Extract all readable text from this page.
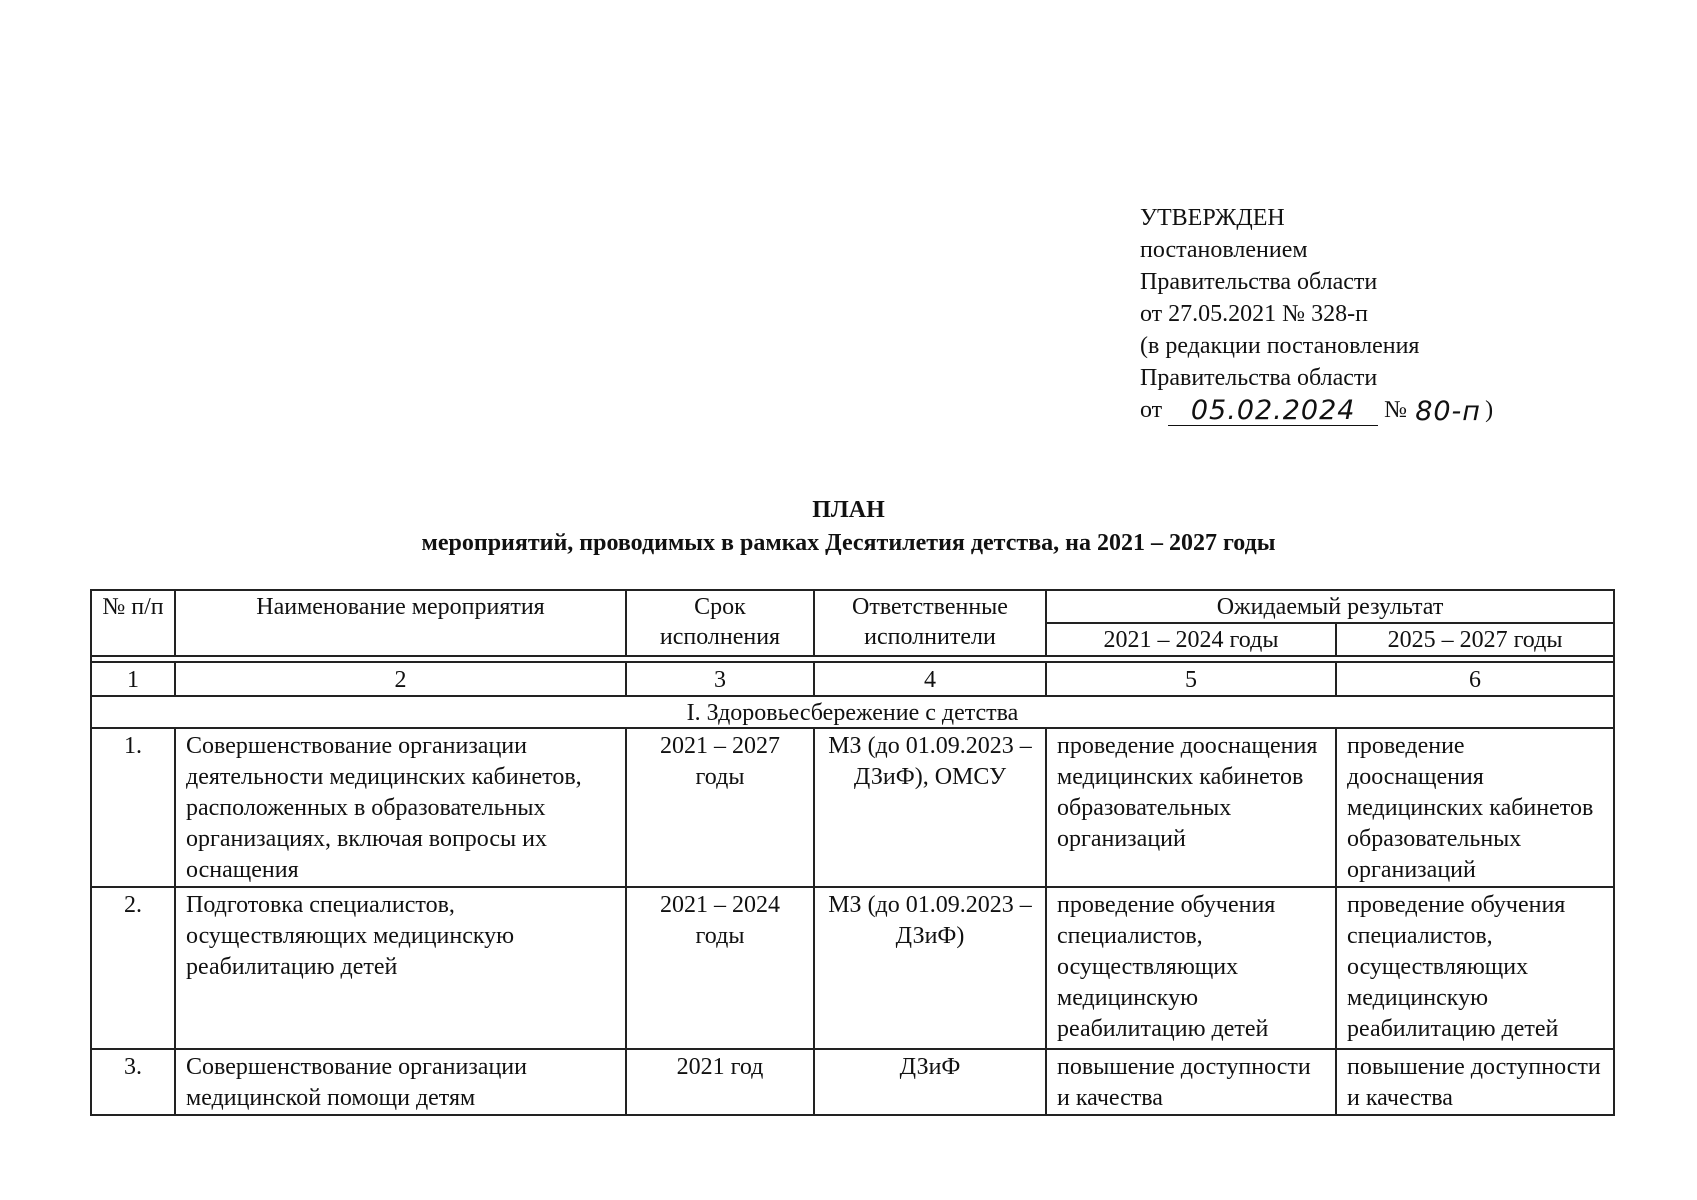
УТВЕРЖДЕН
постановлением
Правительства области
от 27.05.2021 № 328-п
(в редакции постановления
Правительства области
от	05.02.2024	№ 80-п )
ПЛАН
мероприятий, проводимых в рамках Десятилетия детства, на 2021 – 2027 годы
№ п/п	Наименование мероприятия	Срок исполнения	Ответственные исполнители	Ожидаемый результат	
				2021 – 2024 годы	2025 – 2027 годы

1	2	3	4	5	6
I. Здоровьесбережение с детства					
1.	Совершенствование организации деятельности медицинских кабинетов, расположенных в образовательных организациях, включая вопросы их оснащения	2021 – 2027 годы	МЗ (до 01.09.2023 – ДЗиФ), ОМСУ	проведение дооснащения медицинских кабинетов образовательных организаций	проведение дооснащения медицинских кабинетов образовательных организаций
2.	Подготовка специалистов, осуществляющих медицинскую реабилитацию детей	2021 – 2024 годы	МЗ (до 01.09.2023 – ДЗиФ)	проведение обучения специалистов, осуществляющих медицинскую реабилитацию детей	проведение обучения специалистов, осуществляющих медицинскую реабилитацию детей
3.	Совершенствование организации медицинской помощи детям	2021 год	ДЗиФ	повышение доступности и качества	повышение доступности и качества
